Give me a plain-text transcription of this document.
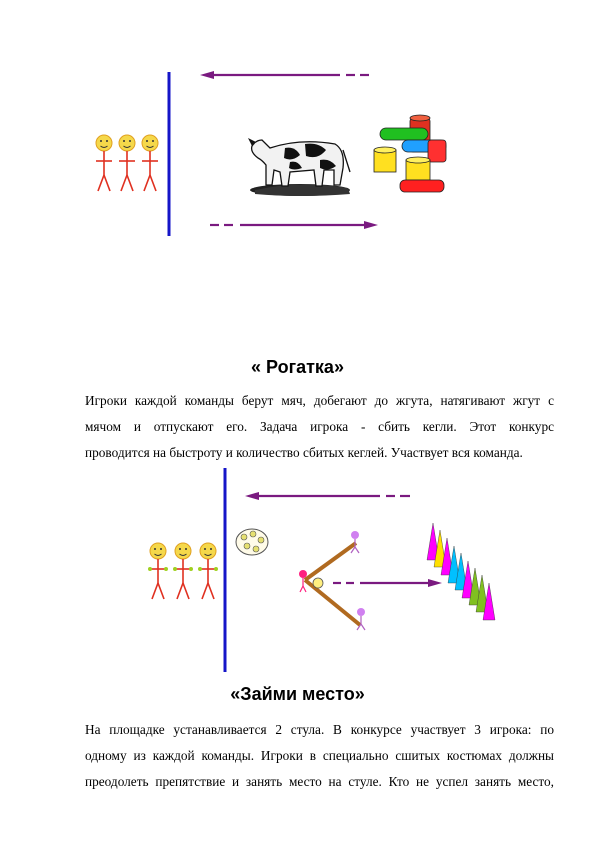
« Рогатка»
Игроки каждой команды берут мяч, добегают до жгута, натягивают жгут с
мячом и отпускают его. Задача игрока - сбить кегли. Этот конкурс
проводится на быстроту и количество сбитых кеглей. Участвует вся команда.
«Займи место»
На площадке устанавливается 2 стула. В конкурсе участвует 3 игрока: по
одному из каждой команды. Игроки в специально сшитых костюмах должны
преодолеть препятствие и занять место на стуле. Кто не успел занять место,
